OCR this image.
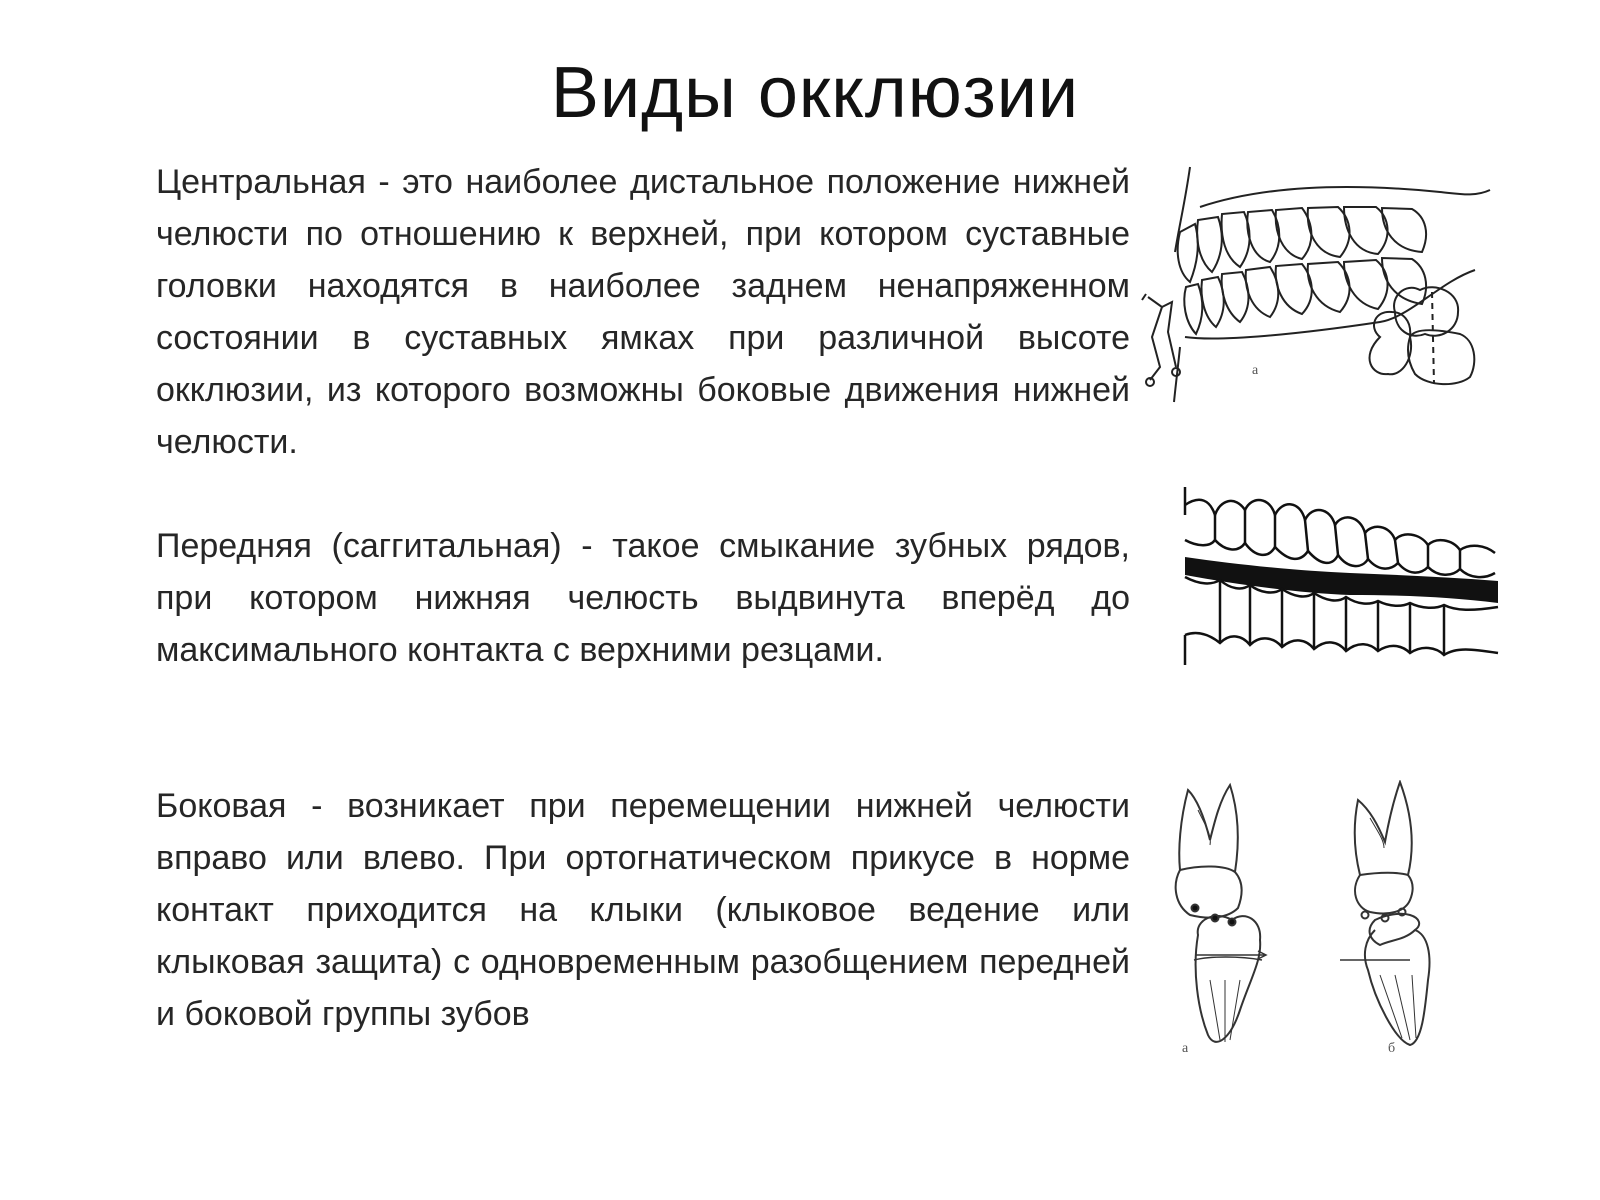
Виды окклюзии

Центральная - это наиболее дистальное положение нижней челюсти по отношению к верхней, при котором суставные головки находятся в наиболее заднем ненапряженном состоянии в суставных ямках при различной высоте окклюзии, из которого возможны боковые движения нижней челюсти.

Передняя (саггитальная) - такое смыкание зубных рядов, при котором нижняя челюсть выдвинута вперёд до максимального контакта с верхними резцами.

Боковая - возникает при перемещении нижней челюсти вправо или влево. При ортогнатическом прикусе в норме контакт приходится на клыки (клыковое ведение или клыковая защита) с одновременным разобщением передней и боковой группы зубов

а
а	б
